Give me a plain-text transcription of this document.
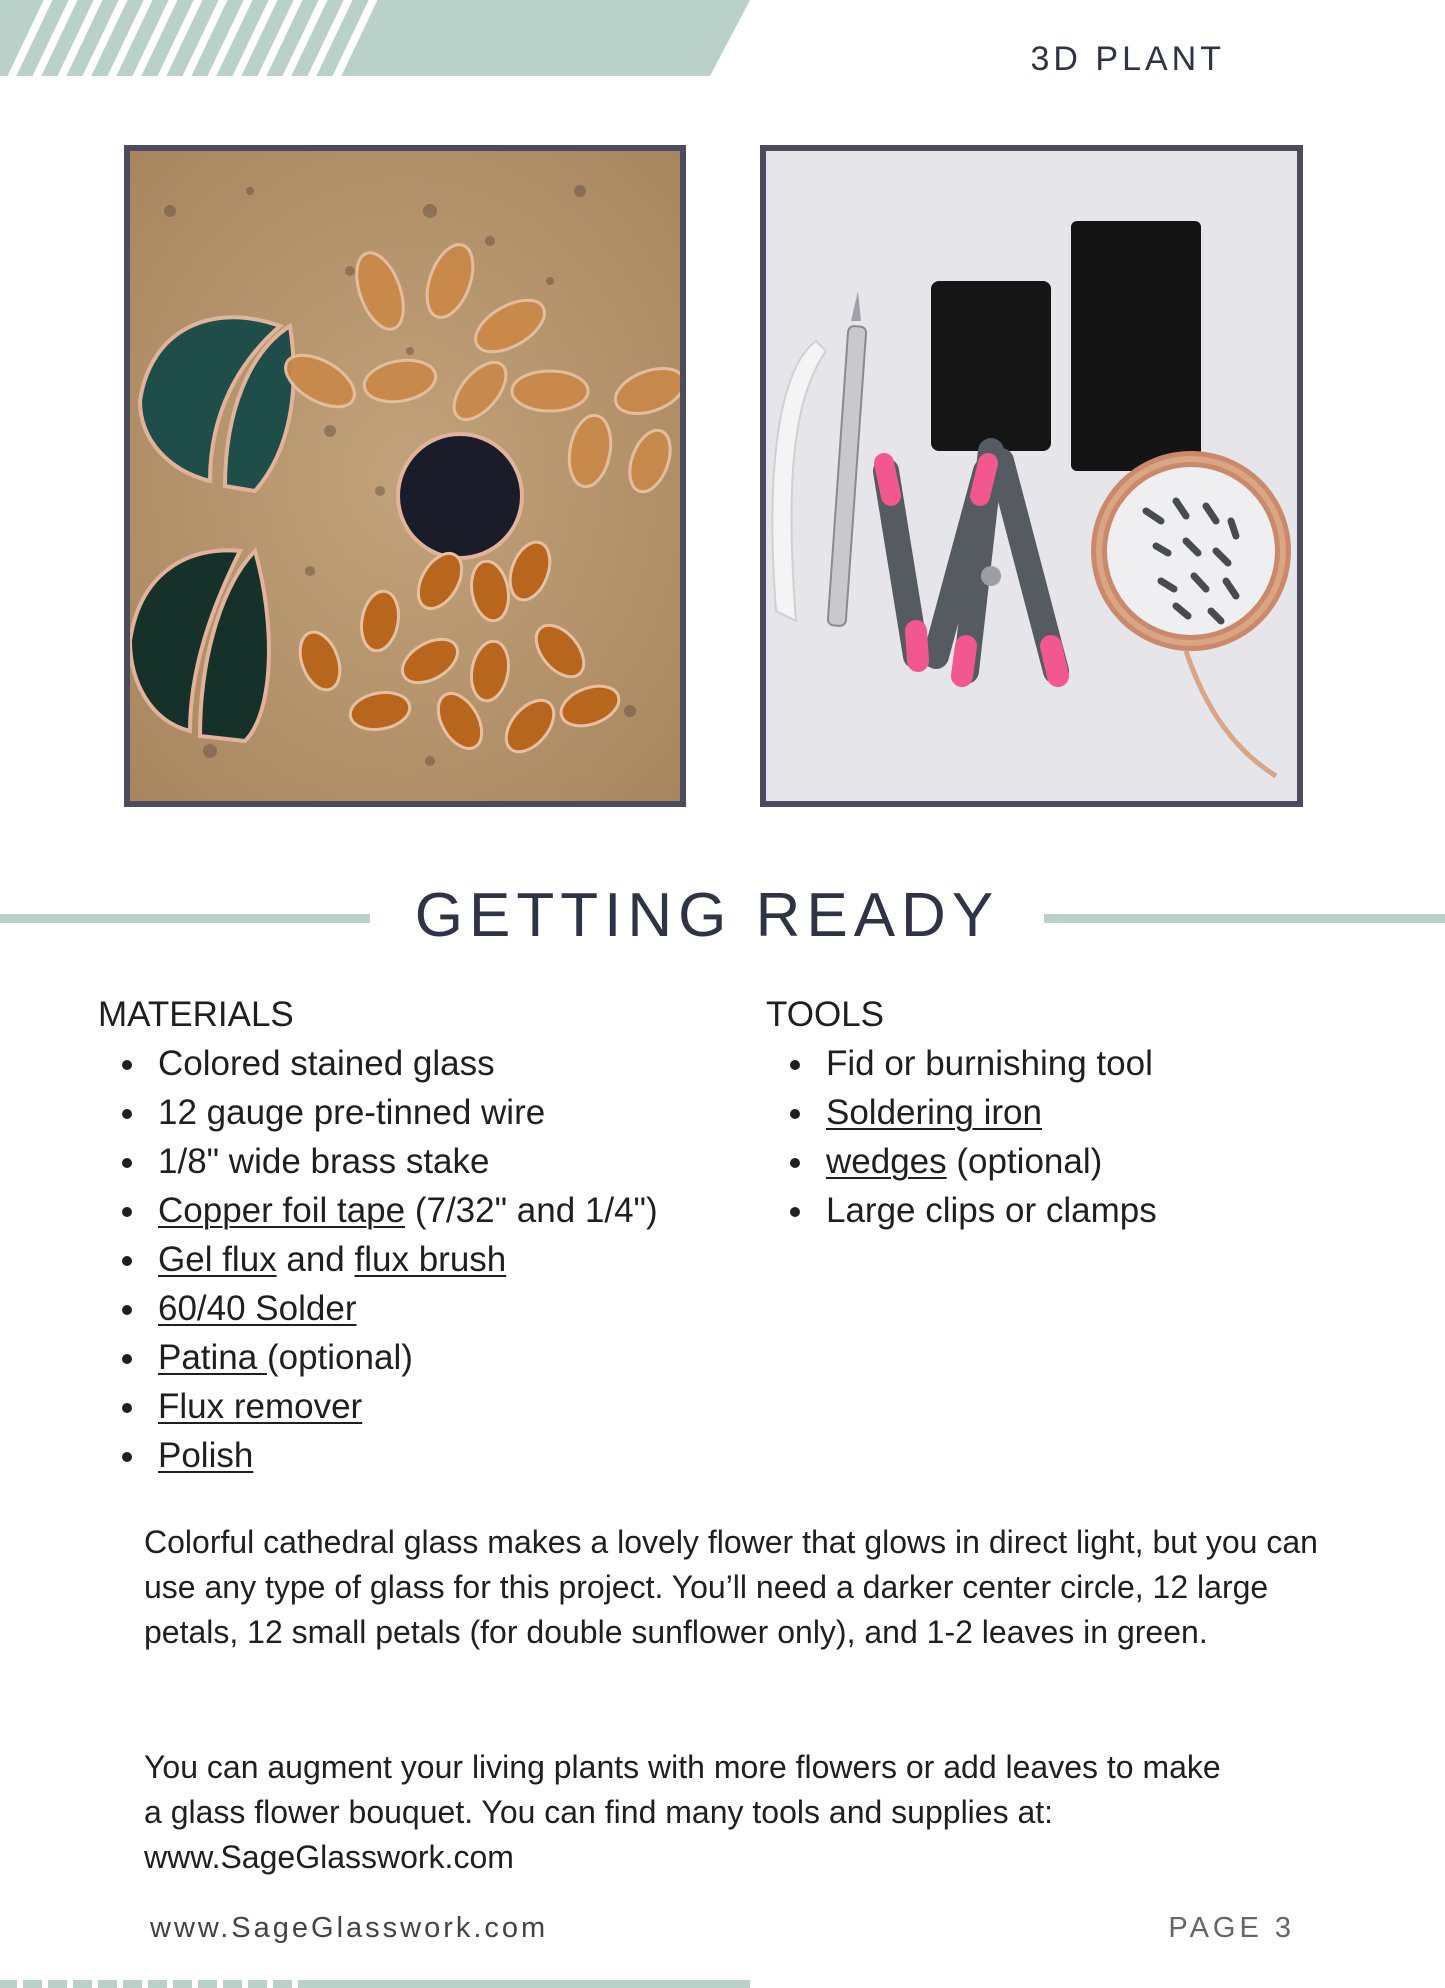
3D PLANT
GETTING READY
MATERIALS
Colored stained glass
12 gauge pre-tinned wire
1/8" wide brass stake
Copper foil tape (7/32" and 1/4")
Gel flux and flux brush
60/40 Solder
Patina (optional)
Flux remover
Polish
TOOLS
Fid or burnishing tool
Soldering iron
wedges (optional)
Large clips or clamps

Colorful cathedral glass makes a lovely flower that glows in direct light, but you can use any type of glass for this project. You’ll need a darker center circle, 12 large petals, 12 small petals (for double sunflower only), and 1-2 leaves in green.

You can augment your living plants with more flowers or add leaves to make
a glass flower bouquet. You can find many tools and supplies at:
www.SageGlasswork.com

www.SageGlasswork.com	PAGE 3
